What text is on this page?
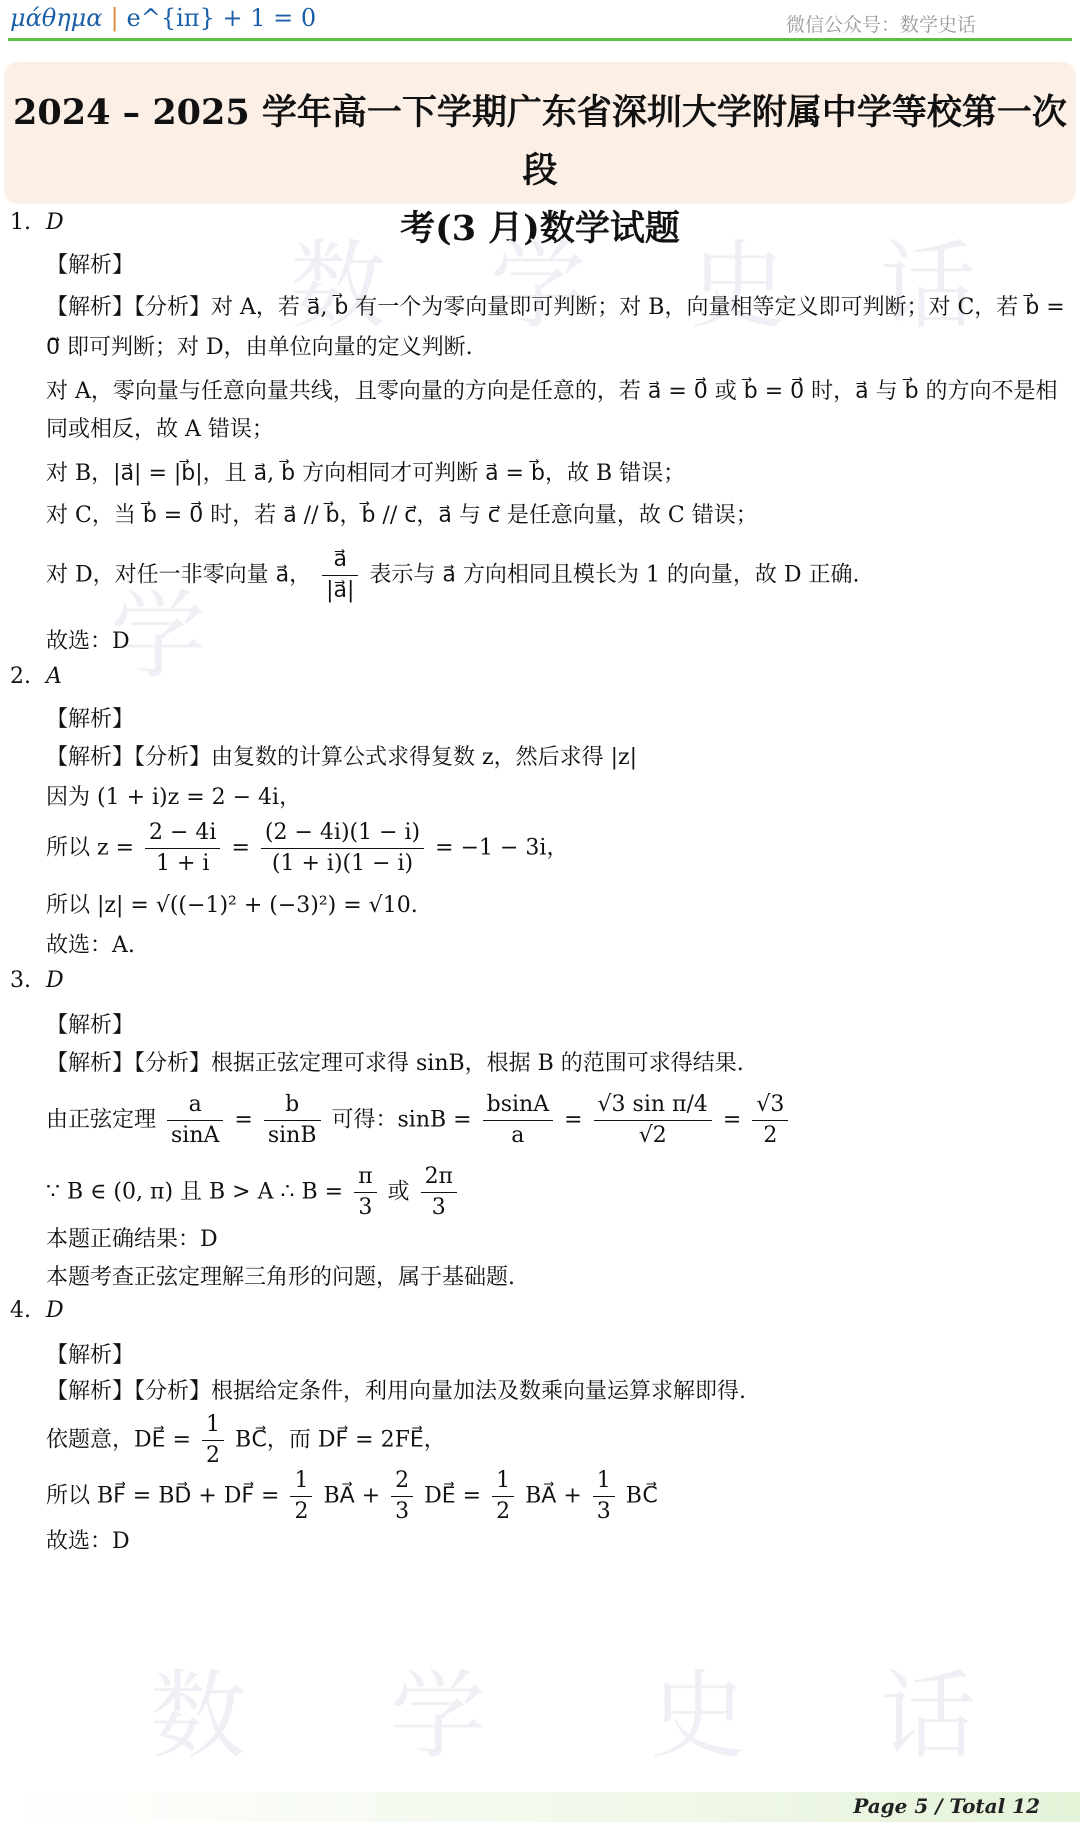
μάθημα | e^{iπ} + 1 = 0	微信公众号：数学史话
2024 – 2025 学年高一下学期广东省深圳大学附属中学等校第一次段
考(3 月)数学试题
数 学 史 话
学
数 学 史 话
1. D
【解析】
【解析】【分析】对 A，若 a⃗, b⃗ 有一个为零向量即可判断；对 B，向量相等定义即可判断；对 C，若 b⃗ =
0⃗ 即可判断；对 D，由单位向量的定义判断.
对 A，零向量与任意向量共线，且零向量的方向是任意的，若 a⃗ = 0⃗ 或 b⃗ = 0⃗ 时，a⃗ 与 b⃗ 的方向不是相
同或相反，故 A 错误；
对 B，|a⃗| = |b⃗|，且 a⃗, b⃗ 方向相同才可判断 a⃗ = b⃗，故 B 错误；
对 C，当 b⃗ = 0⃗ 时，若 a⃗ // b⃗，b⃗ // c⃗，a⃗ 与 c⃗ 是任意向量，故 C 错误；
对 D，对任一非零向量 a⃗， $\frac{a⃗}{|a⃗|}$ 表示与 a⃗ 方向相同且模长为 1 的向量，故 D 正确.
故选：D
2. A
【解析】
【解析】【分析】由复数的计算公式求得复数 z，然后求得 |z|
因为 (1 + i)z = 2 − 4i，
所以 $z = \frac{2 - 4i}{1 + i} = \frac{(2 - 4i)(1 - i)}{(1 + i)(1 - i)} = -1 - 3i$，
所以 |z| = √((−1)² + (−3)²) = √10.
故选：A.
3. D
【解析】
【解析】【分析】根据正弦定理可求得 sinB，根据 B 的范围可求得结果.
由正弦定理 $\frac{a}{\sin A} = \frac{b}{\sin B}$ 可得：$\sin B = \frac{bsinA}{a} = \frac{\text{√3 sin π/4}}{√2} = \frac{√3}{2}$
∵ B ∈ (0, π) 且 B > A ∴ $B = \frac{\pi}{3}$ 或 $\frac{2\pi}{3}$
本题正确结果：D
本题考查正弦定理解三角形的问题，属于基础题.
4. D
【解析】
【解析】【分析】根据给定条件，利用向量加法及数乘向量运算求解即得.
依题意，DE⃗ = $\frac{1}{2}$ BC⃗，而 DF⃗ = 2FE⃗，
所以 BF⃗ = BD⃗ + DF⃗ = $\frac{1}{2}$ BA⃗ + $\frac{2}{3}$ DE⃗ = $\frac{1}{2}$ BA⃗ + $\frac{1}{3}$ BC⃗
故选：D
Page 5 / Total 12
